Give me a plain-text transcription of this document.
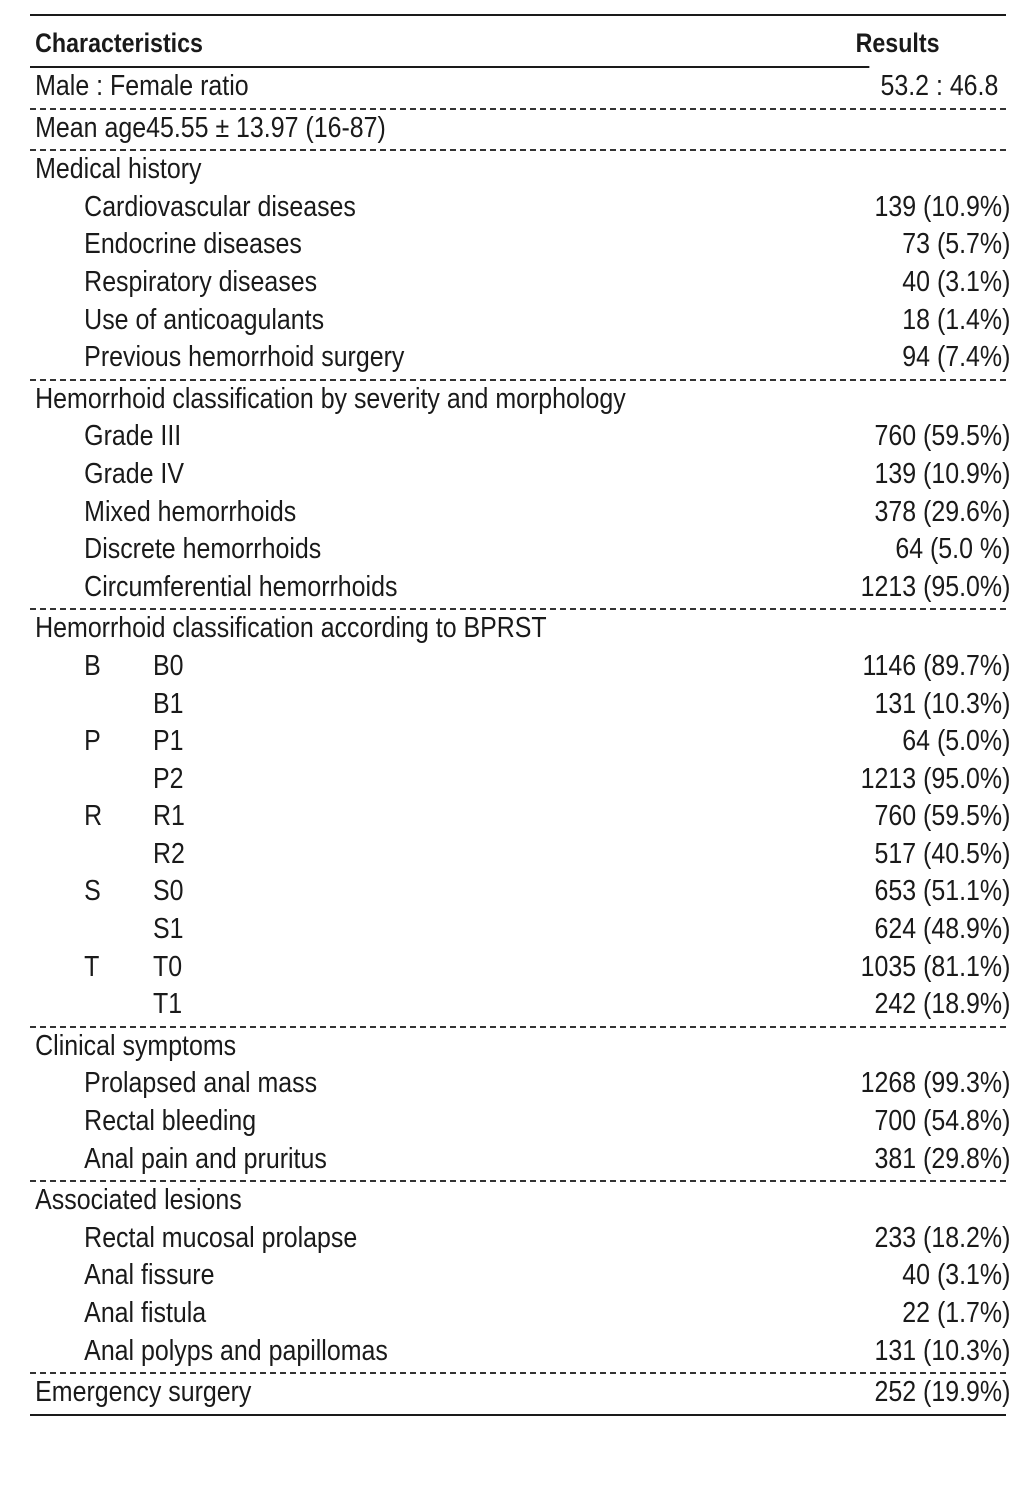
Characteristics	Results
Male : Female ratio	53.2 : 46.8
Mean age45.55 ± 13.97 (16-87)
Medical history
Cardiovascular diseases	139 (10.9%)
Endocrine diseases	73 (5.7%)
Respiratory diseases	40 (3.1%)
Use of anticoagulants	18 (1.4%)
Previous hemorrhoid surgery	94 (7.4%)
Hemorrhoid classification by severity and morphology
Grade III	760 (59.5%)
Grade IV	139 (10.9%)
Mixed hemorrhoids	378 (29.6%)
Discrete hemorrhoids	64 (5.0 %)
Circumferential hemorrhoids	1213 (95.0%)
Hemorrhoid classification according to BPRST
B B0	1146 (89.7%)
B1	131 (10.3%)
P P1	64 (5.0%)
P2	1213 (95.0%)
R R1	760 (59.5%)
R2	517 (40.5%)
S S0	653 (51.1%)
S1	624 (48.9%)
T T0	1035 (81.1%)
T1	242 (18.9%)
Clinical symptoms
Prolapsed anal mass	1268 (99.3%)
Rectal bleeding	700 (54.8%)
Anal pain and pruritus	381 (29.8%)
Associated lesions
Rectal mucosal prolapse	233 (18.2%)
Anal fissure	40 (3.1%)
Anal fistula	22 (1.7%)
Anal polyps and papillomas	131 (10.3%)
Emergency surgery	252 (19.9%)
